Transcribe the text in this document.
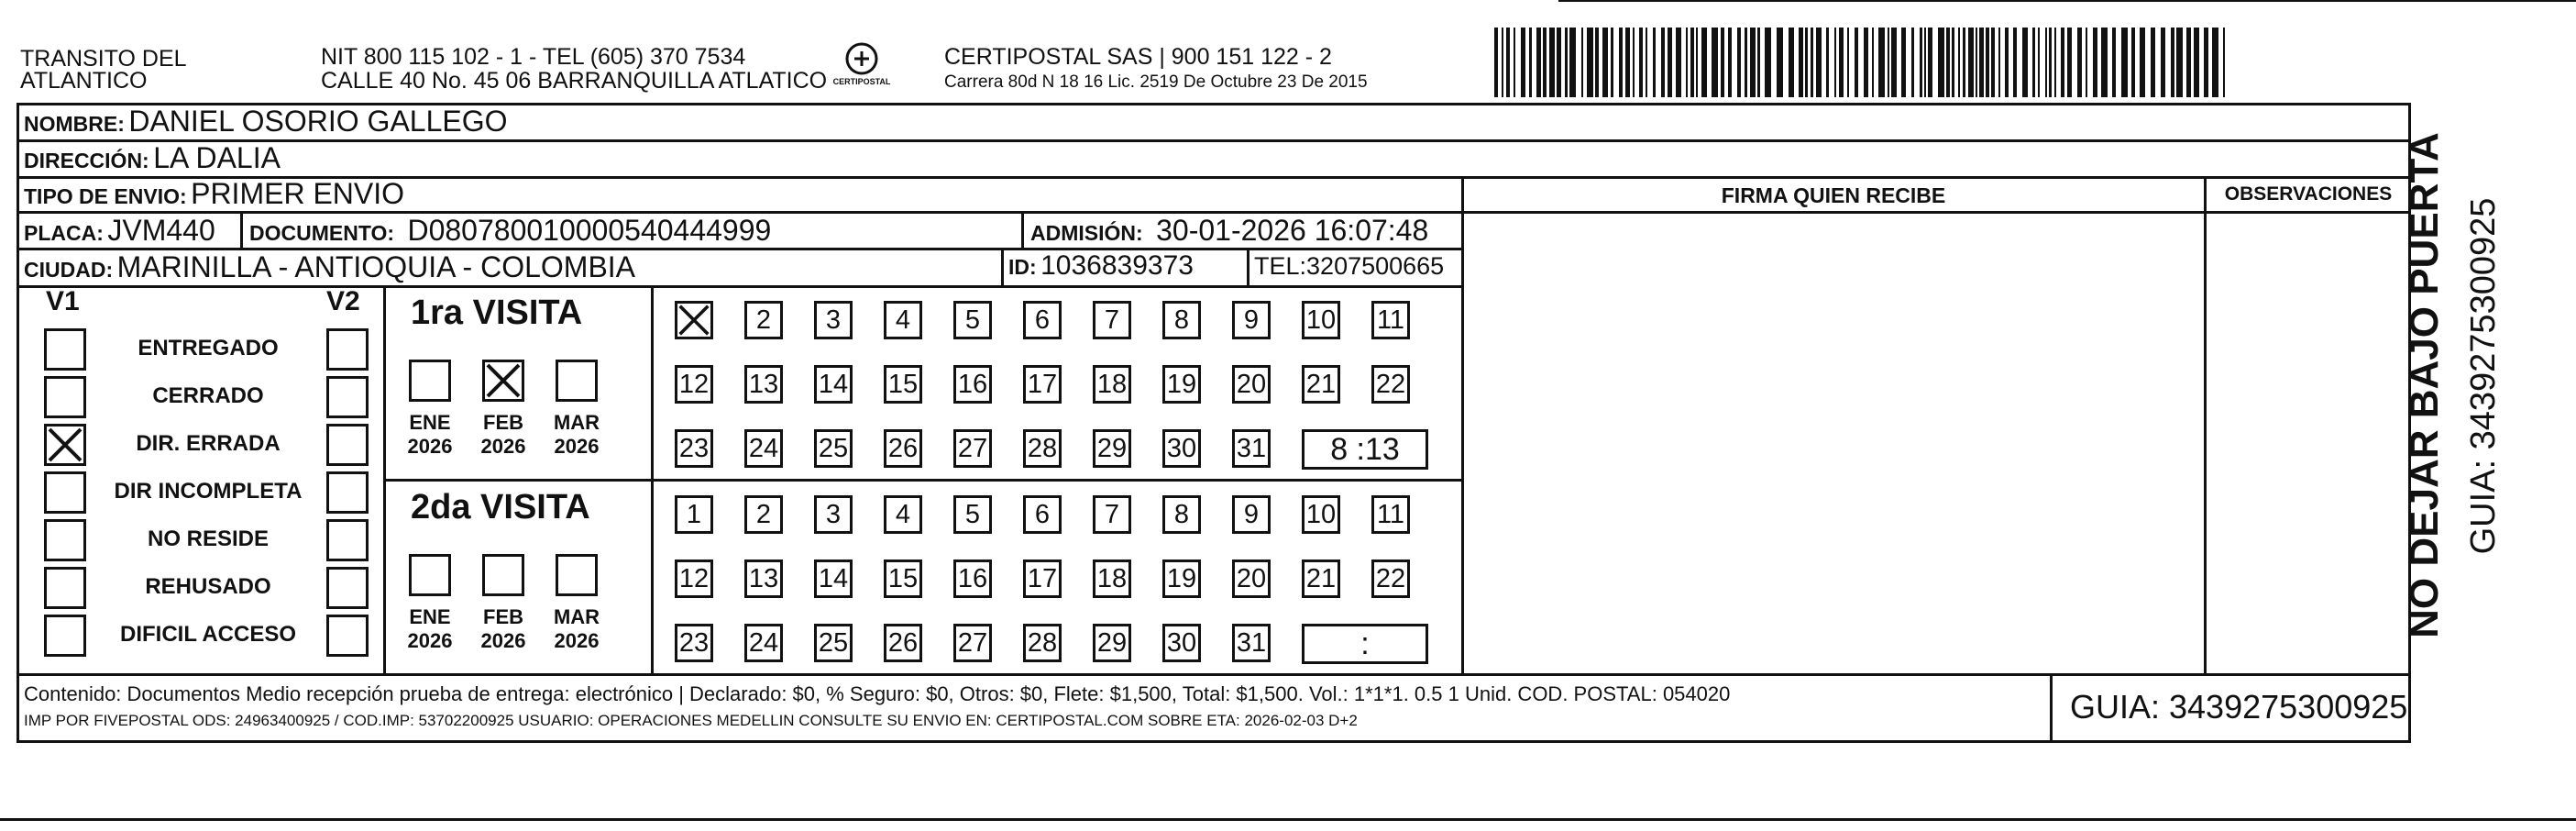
TRANSITO DEL
ATLANTICO
NIT 800 115 102 - 1 - TEL (605) 370 7534
CALLE 40 No. 45 06 BARRANQUILLA ATLATICO CERTIPOSTAL
CERTIPOSTAL SAS | 900 151 122 - 2
Carrera 80d N 18 16 Lic. 2519 De Octubre 23 De 2015
FIRMA QUIEN RECIBE	OBSERVACIONES
NOMBRE: DANIEL OSORIO GALLEGO
DIRECCIÓN: LA DALIA
TIPO DE ENVIO: PRIMER ENVIO
PLACA: JVM440 DOCUMENTO: D080780010000540444999	ADMISIÓN: 30-01-2026 16:07:48
CIUDAD: MARINILLA - ANTIOQUIA - COLOMBIA	ID: 1036839373 TEL:3207500665
V1	V2
ENTREGADO
CERRADO
DIR. ERRADA
DIR INCOMPLETA
NO RESIDE
REHUSADO
DIFICIL ACCESO
1ra VISITA
2da VISITA
ENE
2026
FEB
2026
MAR
2026
2	3	4	5	6	7	8	9	10 11
12 13 14 15 16 17 18 19 20 21 22
23 24 25 26 27 28 29 30 31	8 :13
ENE
2026
FEB
2026
MAR
2026
1	2	3	4	5	6	7	8	9	10 11
12 13 14 15 16 17 18 19 20 21 22
23 24 25 26 27 28 29 30 31	:
Contenido: Documentos Medio recepción prueba de entrega: electrónico | Declarado: $0, % Seguro: $0, Otros: $0, Flete: $1,500, Total: $1,500. Vol.: 1*1*1. 0.5 1 Unid. COD. POSTAL: 054020
IMP POR FIVEPOSTAL ODS: 24963400925 / COD.IMP: 53702200925 USUARIO: OPERACIONES MEDELLIN CONSULTE SU ENVIO EN: CERTIPOSTAL.COM SOBRE ETA: 2026-02-03 D+2	GUIA: 3439275300925
NO DEJAR BAJO PUERTA GUIA: 3439275300925
